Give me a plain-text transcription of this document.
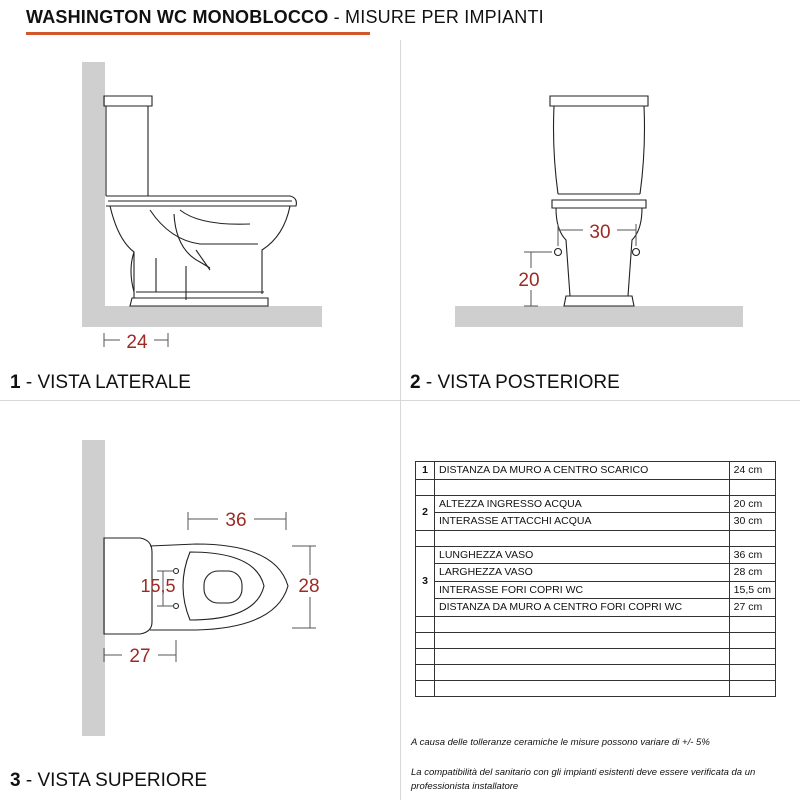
WASHINGTON WC MONOBLOCCO - MISURE PER IMPIANTI
24
1 - VISTA LATERALE
30
20
2 - VISTA POSTERIORE
36
28
15,5
27
3 - VISTA SUPERIORE
1	DISTANZA DA MURO A CENTRO SCARICO	24 cm

2	ALTEZZA INGRESSO ACQUA	20 cm
	INTERASSE ATTACCHI ACQUA	30 cm

3	LUNGHEZZA VASO	36 cm
	LARGHEZZA VASO	28 cm
	INTERASSE FORI COPRI WC	15,5 cm
	DISTANZA DA MURO A CENTRO FORI COPRI WC	27 cm

A causa delle tolleranze ceramiche le misure possono variare di +/- 5%
La compatibilità del sanitario con gli impianti esistenti deve essere verificata da un professionista installatore
